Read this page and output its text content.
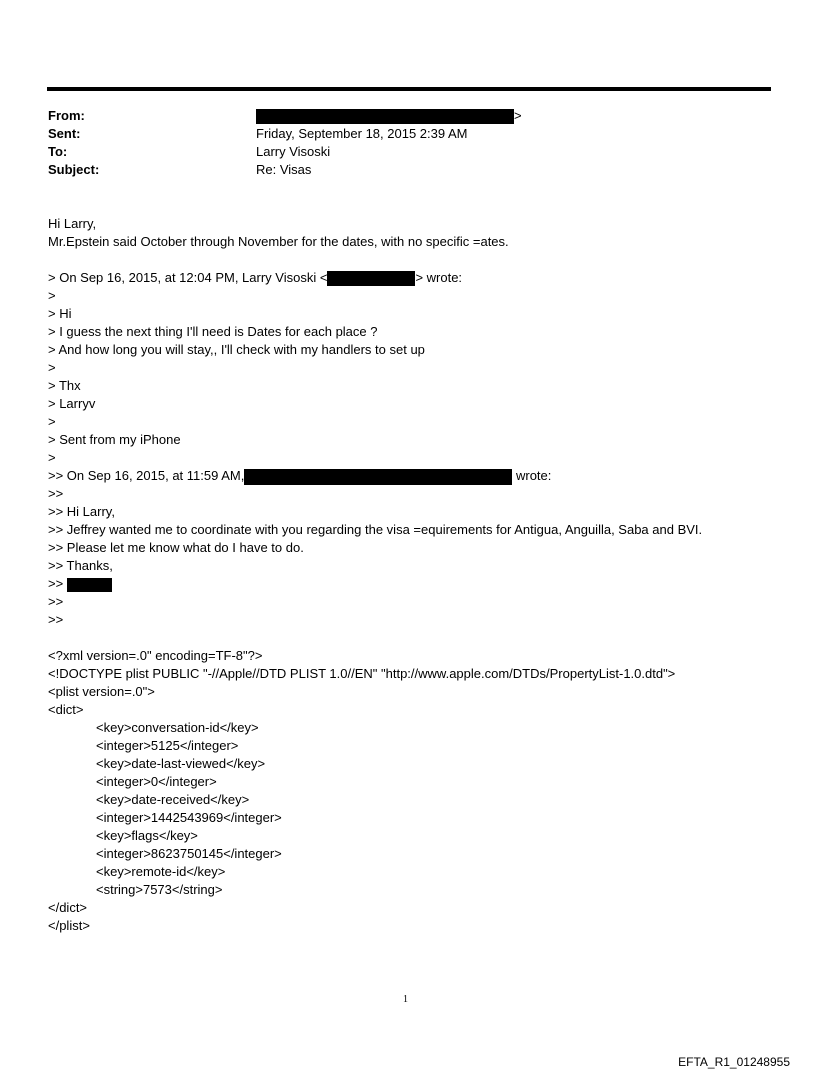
From:	>
Sent:	Friday, September 18, 2015 2:39 AM
To:	Larry Visoski
Subject:	Re: Visas
Hi Larry,
Mr.Epstein said October through November for the dates, with no specific =ates.
> On Sep 16, 2015, at 12:04 PM, Larry Visoski <	> wrote:
>
> Hi
> I guess the next thing I'll need is Dates for each place ?
> And how long you will stay,, I'll check with my handlers to set up
>
> Thx
> Larryv
>
> Sent from my iPhone
>
>> On Sep 16, 2015, at 11:59 AM,	wrote:
>>
>> Hi Larry,
>> Jeffrey wanted me to coordinate with you regarding the visa =equirements for Antigua, Anguilla, Saba and BVI.
>> Please let me know what do I have to do.
>> Thanks,
>>
>>
>>
<?xml version=.0" encoding=TF-8"?>
<!DOCTYPE plist PUBLIC "-//Apple//DTD PLIST 1.0//EN" "http://www.apple.com/DTDs/PropertyList-1.0.dtd">
<plist version=.0">
<dict>
<key>conversation-id</key>
<integer>5125</integer>
<key>date-last-viewed</key>
<integer>0</integer>
<key>date-received</key>
<integer>1442543969</integer>
<key>flags</key>
<integer>8623750145</integer>
<key>remote-id</key>
<string>7573</string>
</dict>
</plist>
1
EFTA_R1_01248955
